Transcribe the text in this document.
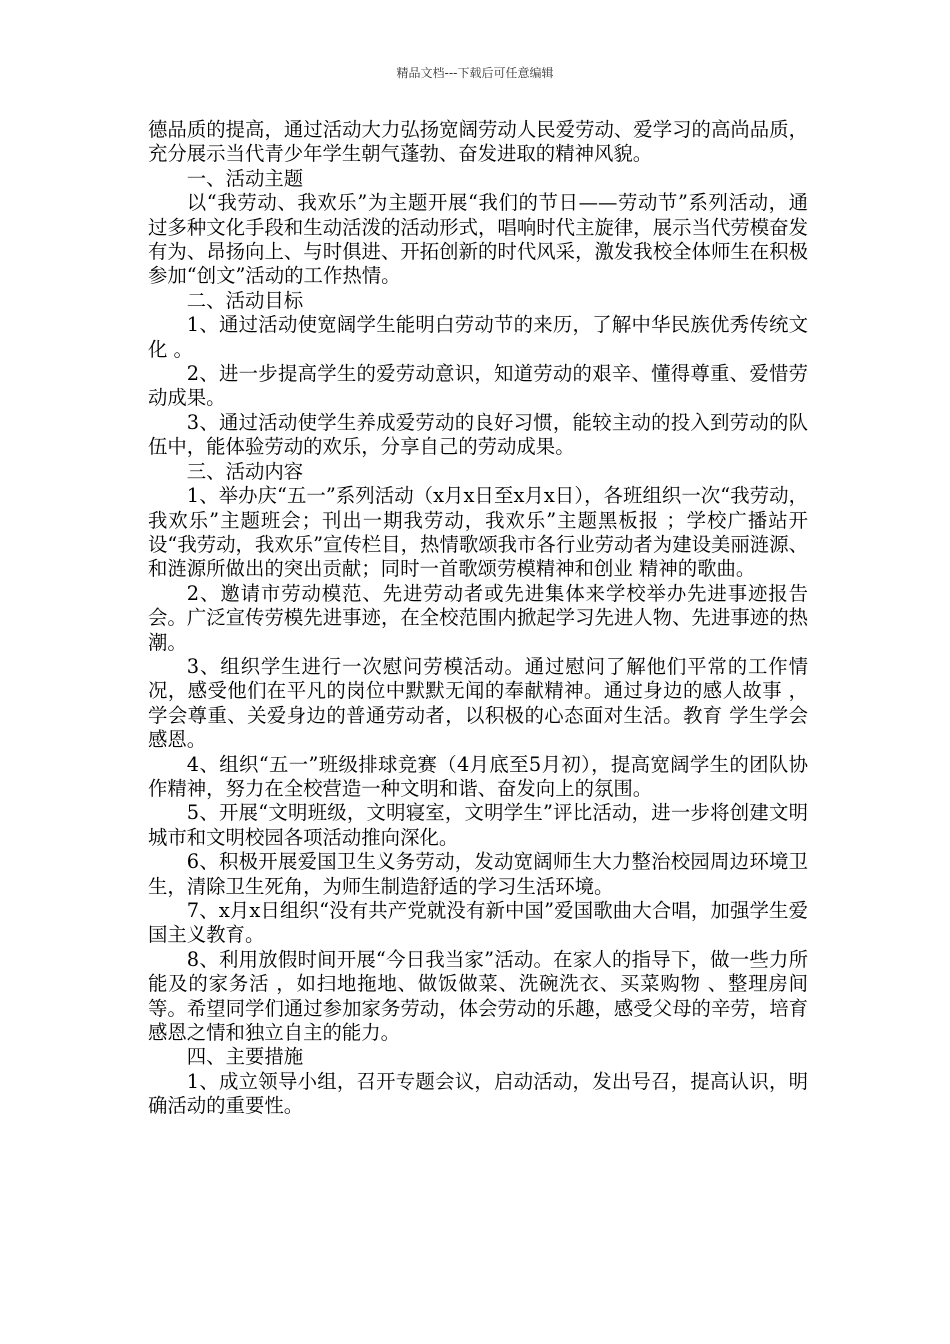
精品文档---下载后可任意编辑

德品质的提高，通过活动大力弘扬宽阔劳动人民爱劳动、爱学习的高尚品质，充分展示当代青少年学生朝气蓬勃、奋发进取的精神风貌。

一、活动主题

以“我劳动、我欢乐”为主题开展“我们的节日——劳动节”系列活动，通过多种文化手段和生动活泼的活动形式，唱响时代主旋律，展示当代劳模奋发有为、昂扬向上、与时俱进、开拓创新的时代风采，激发我校全体师生在积极参加“创文”活动的工作热情。

二、活动目标

1、通过活动使宽阔学生能明白劳动节的来历，了解中华民族优秀传统文化 。

2、进一步提高学生的爱劳动意识，知道劳动的艰辛、懂得尊重、爱惜劳动成果。

3、通过活动使学生养成爱劳动的良好习惯，能较主动的投入到劳动的队伍中，能体验劳动的欢乐，分享自己的劳动成果。

三、活动内容

1、举办庆“五一”系列活动（x月x日至x月x日），各班组织一次“我劳动，我欢乐”主题班会；刊出一期我劳动，我欢乐”主题黑板报 ；学校广播站开设“我劳动，我欢乐”宣传栏目，热情歌颂我市各行业劳动者为建设美丽涟源、和涟源所做出的突出贡献；同时一首歌颂劳模精神和创业 精神的歌曲。

2、邀请市劳动模范、先进劳动者或先进集体来学校举办先进事迹报告会。广泛宣传劳模先进事迹，在全校范围内掀起学习先进人物、先进事迹的热潮。

3、组织学生进行一次慰问劳模活动。通过慰问了解他们平常的工作情况，感受他们在平凡的岗位中默默无闻的奉献精神。通过身边的感人故事 ，学会尊重、关爱身边的普通劳动者，以积极的心态面对生活。教育 学生学会感恩。

4、组织“五一”班级排球竞赛（4月底至5月初），提高宽阔学生的团队协作精神，努力在全校营造一种文明和谐、奋发向上的氛围。

5、开展“文明班级，文明寝室，文明学生”评比活动，进一步将创建文明城市和文明校园各项活动推向深化。

6、积极开展爱国卫生义务劳动，发动宽阔师生大力整治校园周边环境卫生，清除卫生死角，为师生制造舒适的学习生活环境。

7、x月x日组织“没有共产党就没有新中国”爱国歌曲大合唱，加强学生爱国主义教育。

8、利用放假时间开展“今日我当家”活动。在家人的指导下，做一些力所能及的家务活 ，如扫地拖地、做饭做菜、洗碗洗衣、买菜购物 、整理房间等。希望同学们通过参加家务劳动，体会劳动的乐趣，感受父母的辛劳，培育感恩之情和独立自主的能力。

四、主要措施

1、成立领导小组，召开专题会议，启动活动，发出号召，提高认识，明确活动的重要性。
